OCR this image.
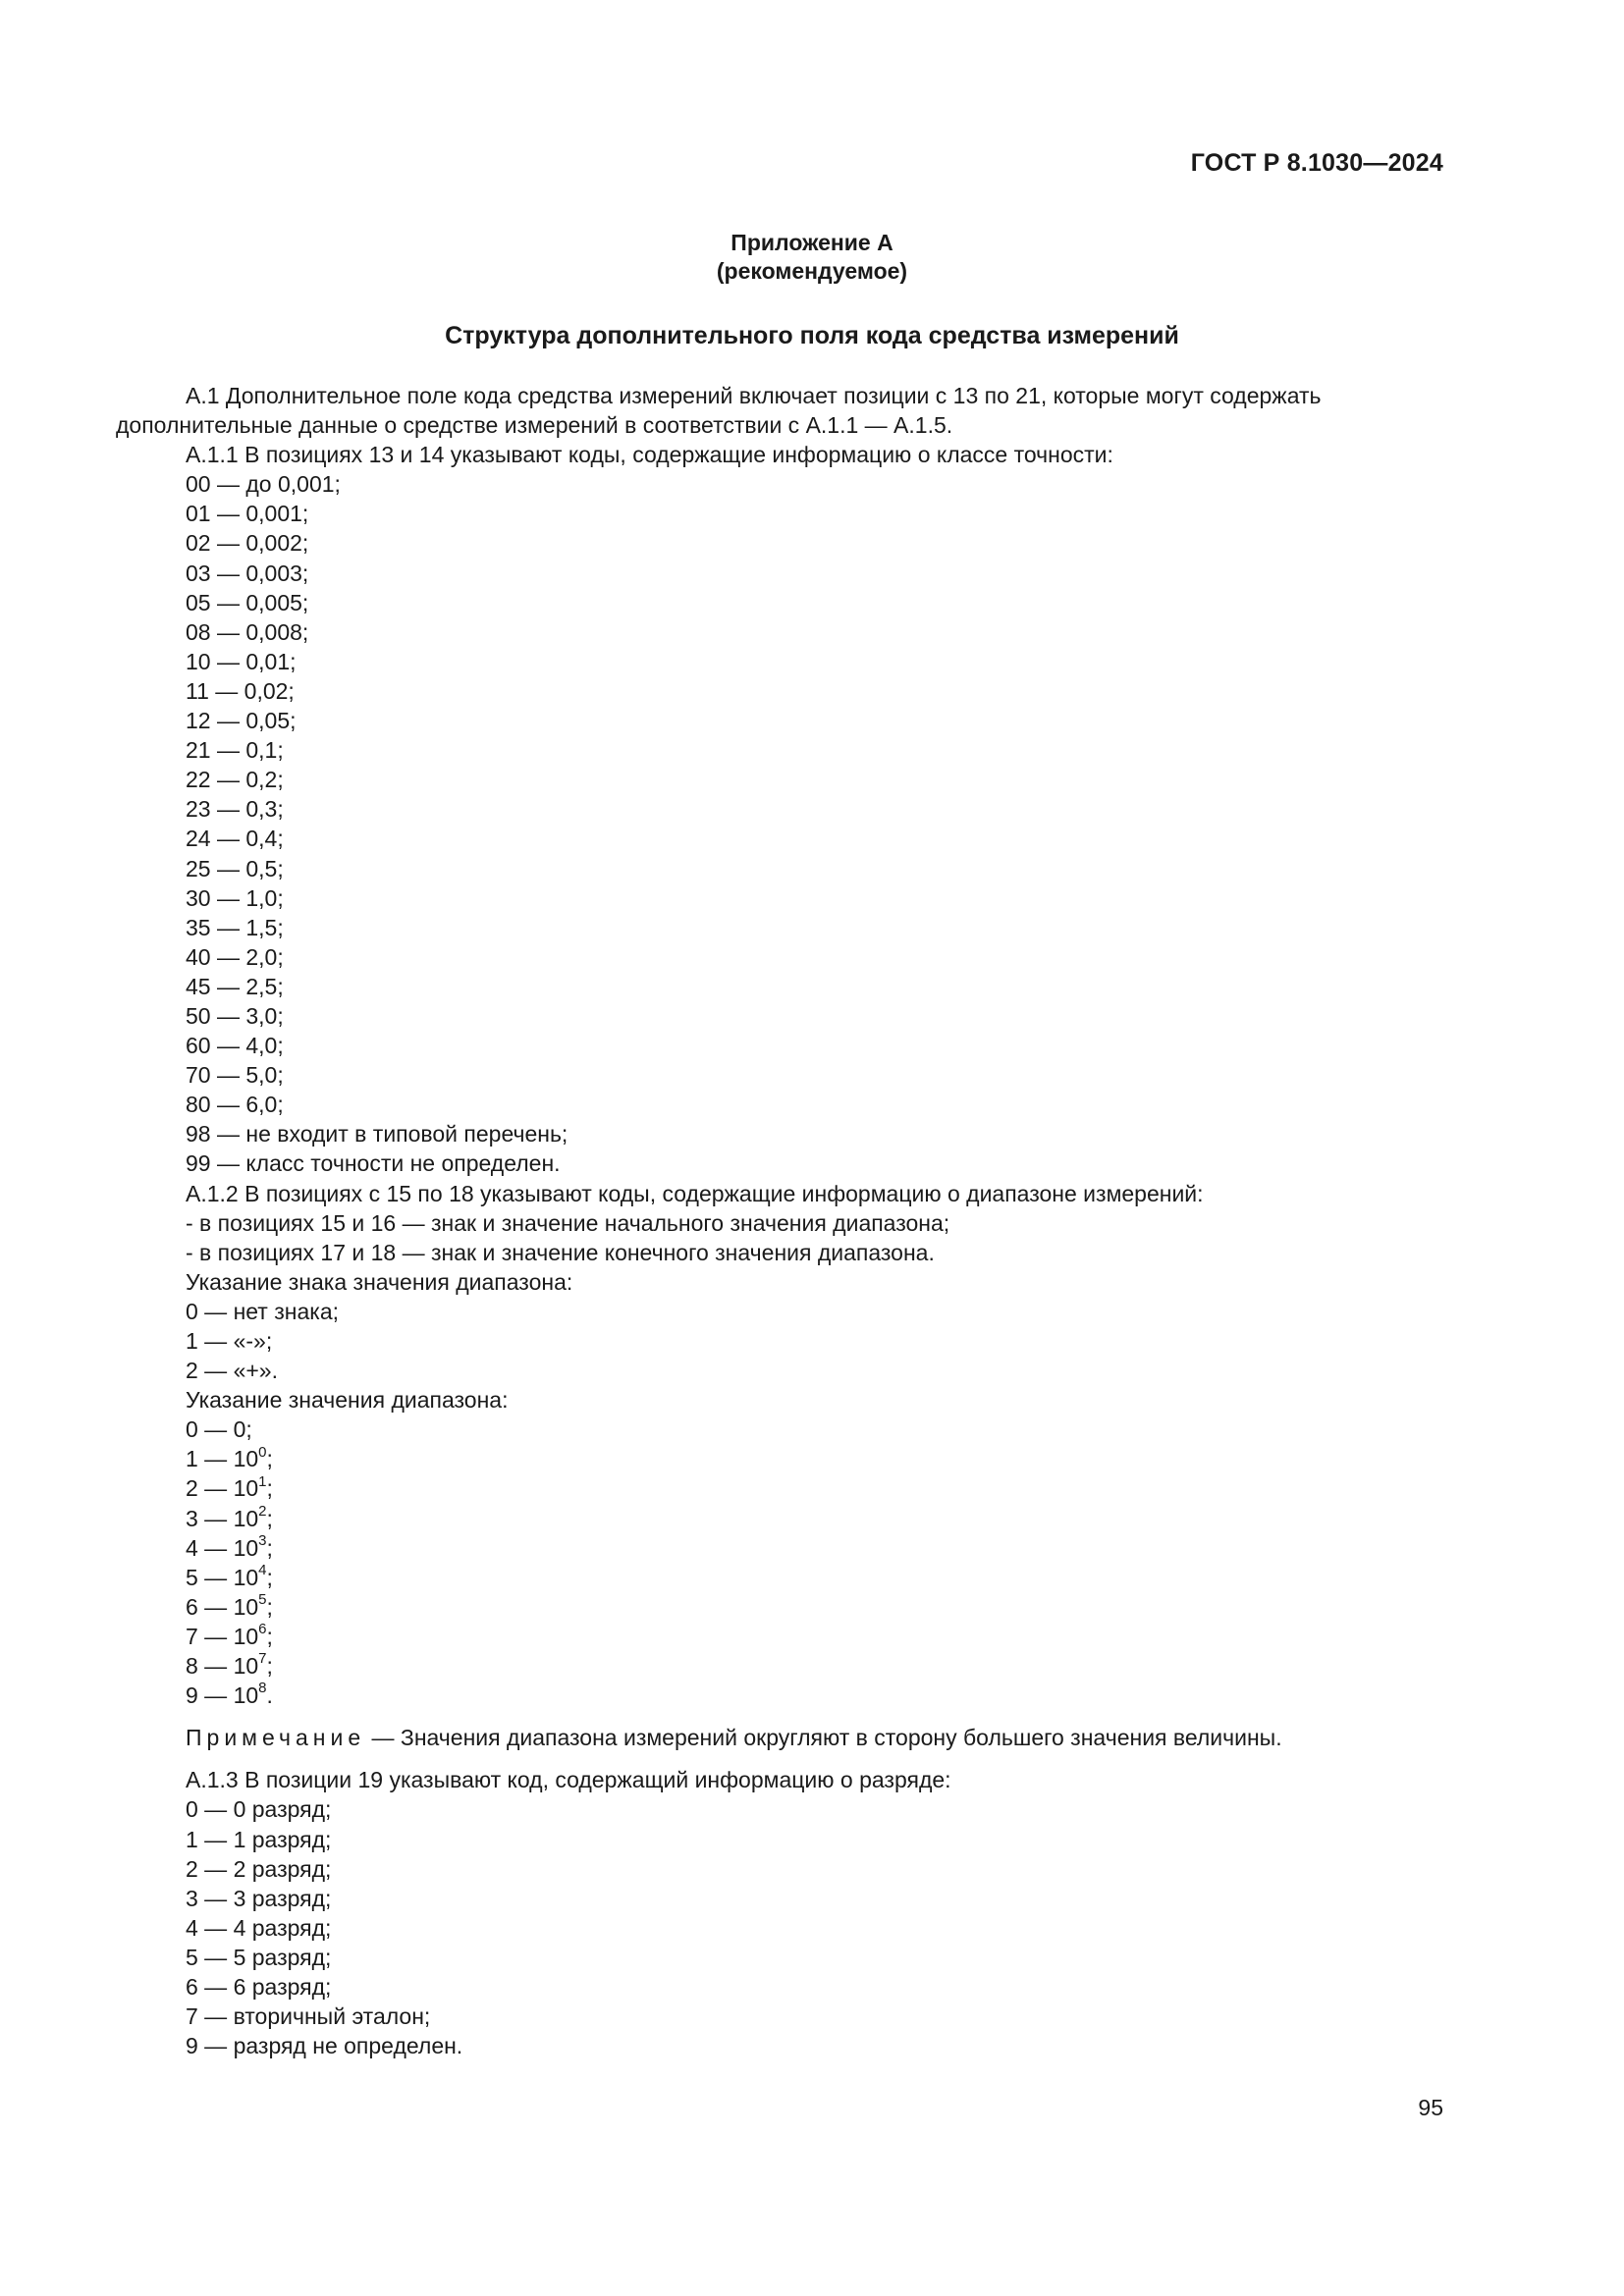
ГОСТ Р 8.1030—2024
Приложение А
(рекомендуемое)
Структура дополнительного поля кода средства измерений

А.1 Дополнительное поле кода средства измерений включает позиции с 13 по 21, которые могут содержать дополнительные данные о средстве измерений в соответствии с А.1.1 — А.1.5.

А.1.1 В позициях 13 и 14 указывают коды, содержащие информацию о классе точности:
00 — до 0,001;
01 — 0,001;
02 — 0,002;
03 — 0,003;
05 — 0,005;
08 — 0,008;
10 — 0,01;
11 — 0,02;
12 — 0,05;
21 — 0,1;
22 — 0,2;
23 — 0,3;
24 — 0,4;
25 — 0,5;
30 — 1,0;
35 — 1,5;
40 — 2,0;
45 — 2,5;
50 — 3,0;
60 — 4,0;
70 — 5,0;
80 — 6,0;
98 — не входит в типовой перечень;
99 — класс точности не определен.
А.1.2 В позициях с 15 по 18 указывают коды, содержащие информацию о диапазоне измерений:
- в позициях 15 и 16 — знак и значение начального значения диапазона;
- в позициях 17 и 18 — знак и значение конечного значения диапазона.
Указание знака значения диапазона:
0 — нет знака;
1 — «-»;
2 — «+».
Указание значения диапазона:
0 — 0;
1 — $10^0$;
2 — $10^1$;
3 — $10^2$;
4 — $10^3$;
5 — $10^4$;
6 — $10^5$;
7 — $10^6$;
8 — $10^7$;
9 — $10^8$.
Примечание — Значения диапазона измерений округляют в сторону большего значения величины.
А.1.3 В позиции 19 указывают код, содержащий информацию о разряде:
0 — 0 разряд;
1 — 1 разряд;
2 — 2 разряд;
3 — 3 разряд;
4 — 4 разряд;
5 — 5 разряд;
6 — 6 разряд;
7 — вторичный эталон;
9 — разряд не определен.
95
